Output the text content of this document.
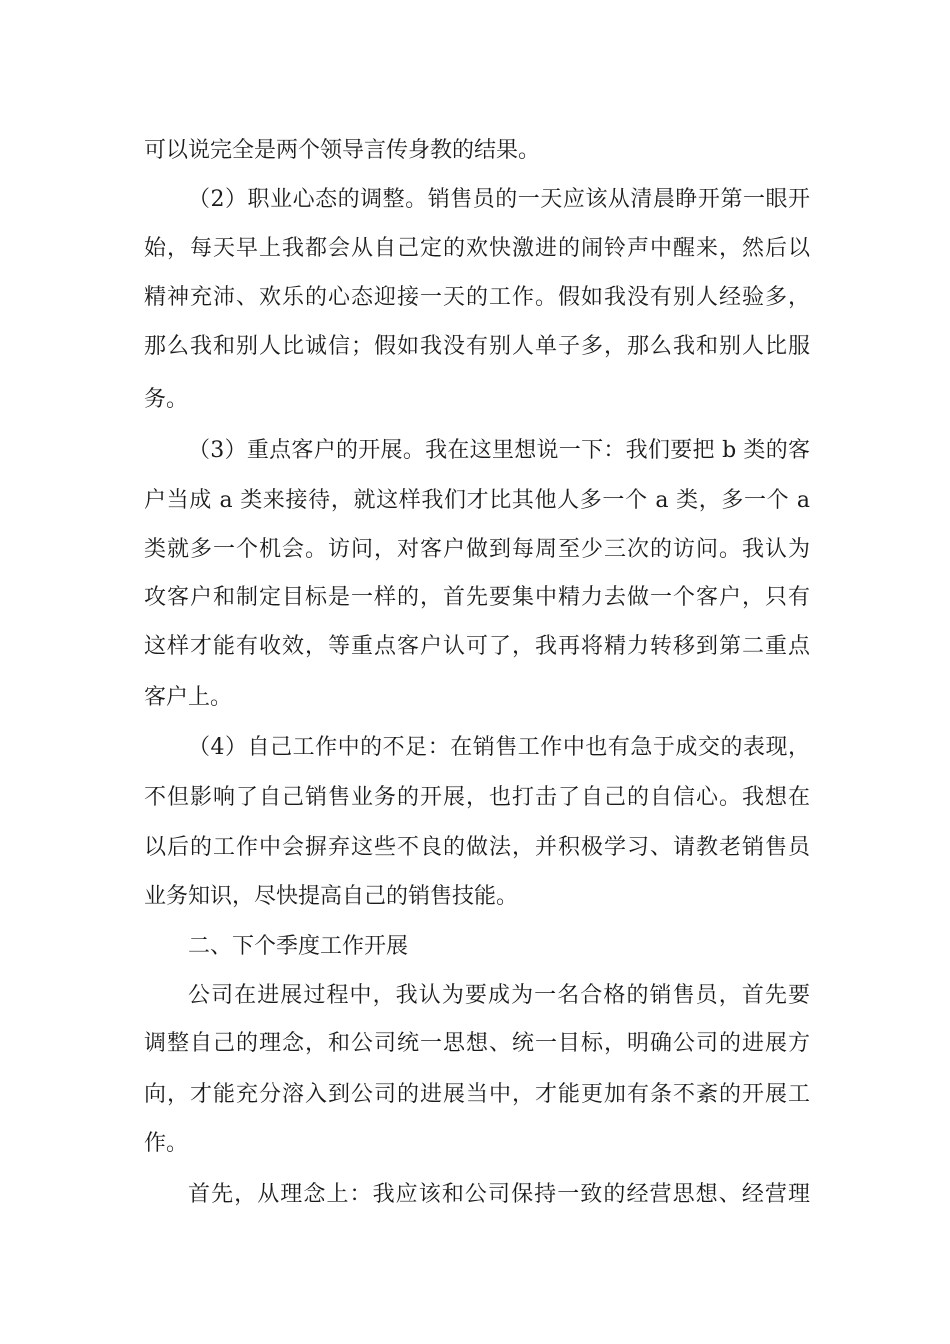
可以说完全是两个领导言传身教的结果。
（2）职业心态的调整。销售员的一天应该从清晨睁开第一眼开
始，每天早上我都会从自己定的欢快激进的闹铃声中醒来，然后以
精神充沛、欢乐的心态迎接一天的工作。假如我没有别人经验多，
那么我和别人比诚信；假如我没有别人单子多，那么我和别人比服
务。
（3）重点客户的开展。我在这里想说一下：我们要把 b 类的客
户当成 a 类来接待，就这样我们才比其他人多一个 a 类，多一个 a
类就多一个机会。访问，对客户做到每周至少三次的访问。我认为
攻客户和制定目标是一样的，首先要集中精力去做一个客户，只有
这样才能有收效，等重点客户认可了，我再将精力转移到第二重点
客户上。
（4）自己工作中的不足：在销售工作中也有急于成交的表现，
不但影响了自己销售业务的开展，也打击了自己的自信心。我想在
以后的工作中会摒弃这些不良的做法，并积极学习、请教老销售员
业务知识，尽快提高自己的销售技能。
二、下个季度工作开展
公司在进展过程中，我认为要成为一名合格的销售员，首先要
调整自己的理念，和公司统一思想、统一目标，明确公司的进展方
向，才能充分溶入到公司的进展当中，才能更加有条不紊的开展工
作。
首先，从理念上：我应该和公司保持一致的经营思想、经营理
